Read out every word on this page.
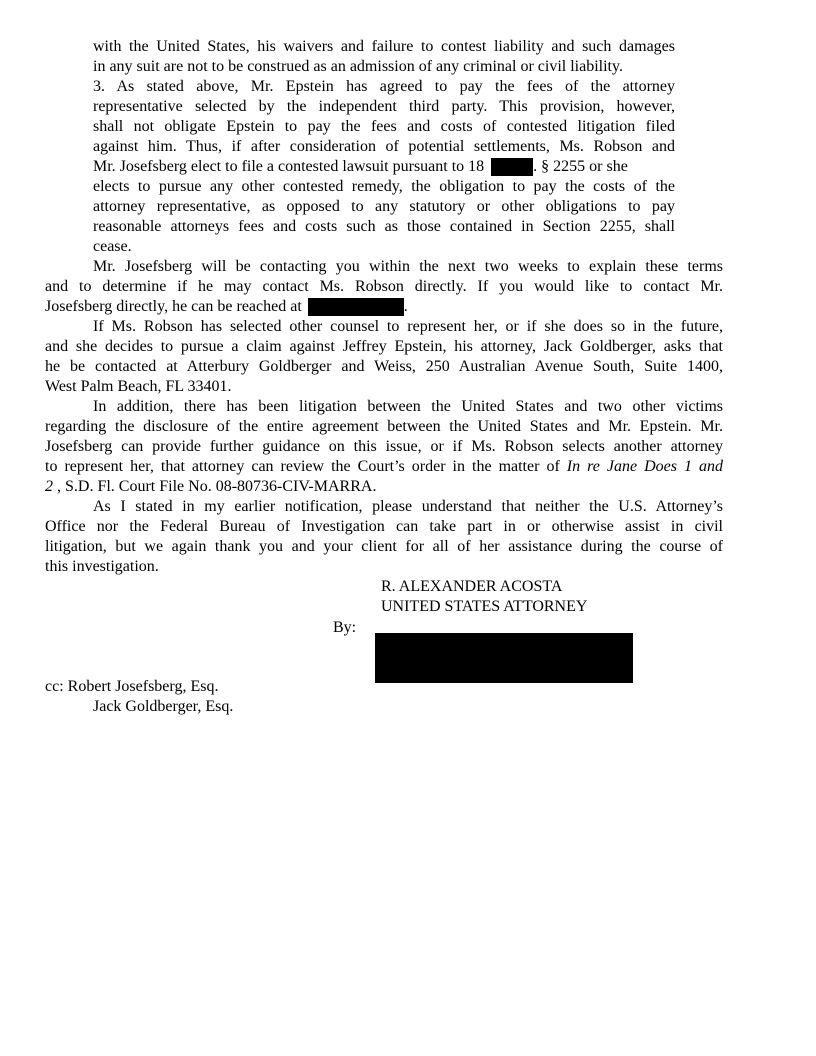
with the United States, his waivers and failure to contest liability and such damages
in any suit are not to be construed as an admission of any criminal or civil liability.
3. As stated above, Mr. Epstein has agreed to pay the fees of the attorney
representative selected by the independent third party. This provision, however,
shall not obligate Epstein to pay the fees and costs of contested litigation filed
against him. Thus, if after consideration of potential settlements, Ms. Robson and
Mr. Josefsberg elect to file a contested lawsuit pursuant to 18	. § 2255 or she
elects to pursue any other contested remedy, the obligation to pay the costs of the
attorney representative, as opposed to any statutory or other obligations to pay
reasonable attorneys fees and costs such as those contained in Section 2255, shall
cease.
Mr. Josefsberg will be contacting you within the next two weeks to explain these terms
and to determine if he may contact Ms. Robson directly. If you would like to contact Mr.
Josefsberg directly, he can be reached at	.
If Ms. Robson has selected other counsel to represent her, or if she does so in the future,
and she decides to pursue a claim against Jeffrey Epstein, his attorney, Jack Goldberger, asks that
he be contacted at Atterbury Goldberger and Weiss, 250 Australian Avenue South, Suite 1400,
West Palm Beach, FL 33401.
In addition, there has been litigation between the United States and two other victims
regarding the disclosure of the entire agreement between the United States and Mr. Epstein. Mr.
Josefsberg can provide further guidance on this issue, or if Ms. Robson selects another attorney
to represent her, that attorney can review the Court’s order in the matter of In re Jane Does 1 and
2 , S.D. Fl. Court File No. 08-80736-CIV-MARRA.
As I stated in my earlier notification, please understand that neither the U.S. Attorney’s
Office nor the Federal Bureau of Investigation can take part in or otherwise assist in civil
litigation, but we again thank you and your client for all of her assistance during the course of
this investigation.
R. ALEXANDER ACOSTA
UNITED STATES ATTORNEY
By:
cc: Robert Josefsberg, Esq.
Jack Goldberger, Esq.
